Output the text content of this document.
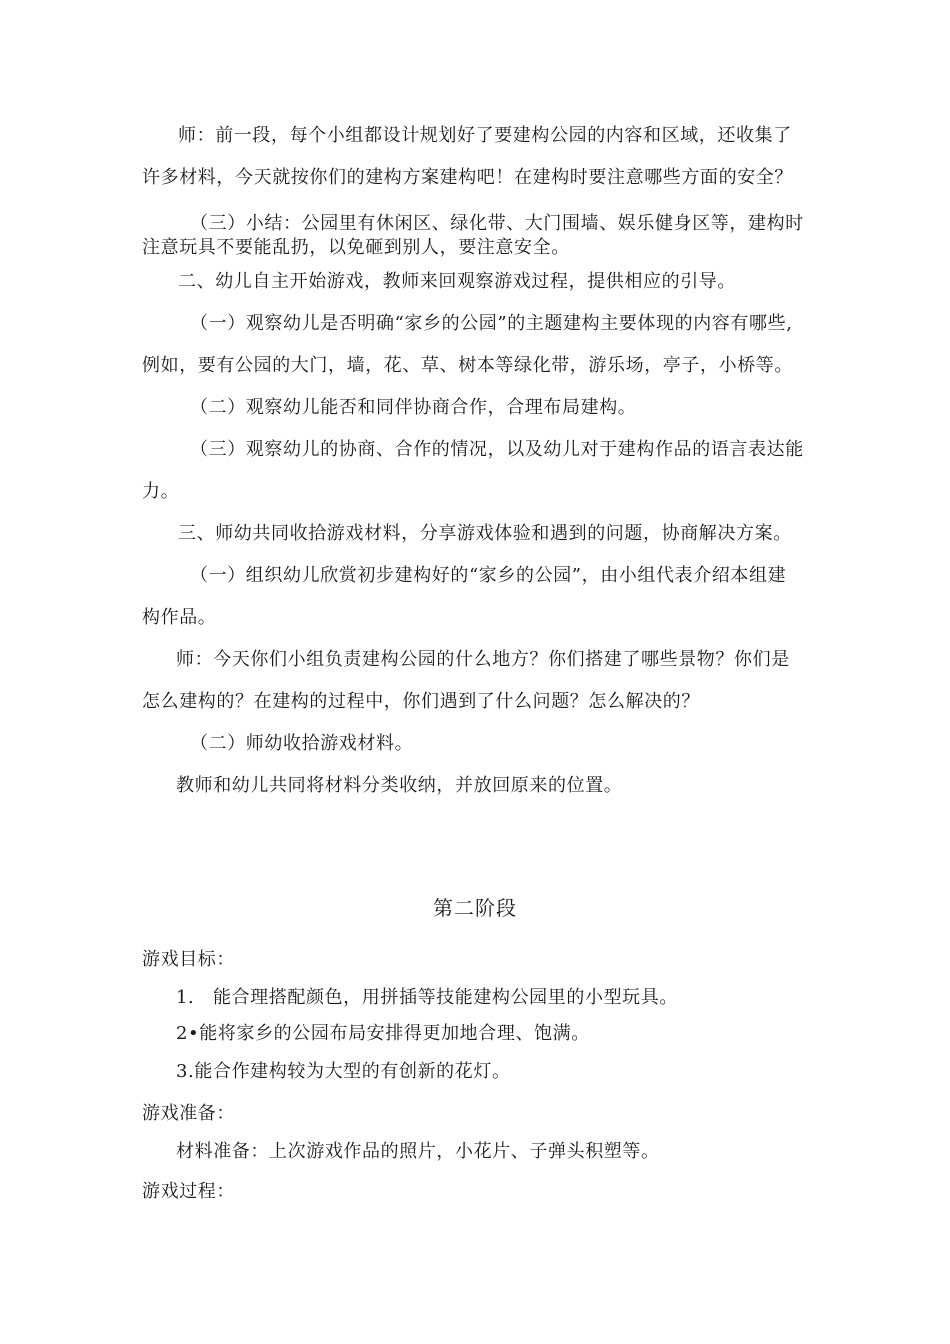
师：前一段，每个小组都设计规划好了要建构公园的内容和区域，还收集了
许多材料，今天就按你们的建构方案建构吧！在建构时要注意哪些方面的安全？
（三）小结：公园里有休闲区、绿化带、大门围墙、娱乐健身区等，建构时
注意玩具不要能乱扔，以免砸到别人，要注意安全。
二、幼儿自主开始游戏，教师来回观察游戏过程，提供相应的引导。
（一）观察幼儿是否明确“家乡的公园”的主题建构主要体现的内容有哪些,
例如，要有公园的大门，墙，花、草、树本等绿化带，游乐场，亭子，小桥等。
（二）观察幼儿能否和同伴协商合作，合理布局建构。
（三）观察幼儿的协商、合作的情况，以及幼儿对于建构作品的语言表达能
力。
三、师幼共同收拾游戏材料，分享游戏体验和遇到的问题，协商解决方案。
（一）组织幼儿欣赏初步建构好的“家乡的公园”，由小组代表介绍本组建
构作品。
师：今天你们小组负责建构公园的什么地方？你们搭建了哪些景物？你们是
怎么建构的？在建构的过程中，你们遇到了什么问题？怎么解决的？
（二）师幼收拾游戏材料。
教师和幼儿共同将材料分类收纳，并放回原来的位置。
第二阶段
游戏目标：
1.　能合理搭配颜色，用拼插等技能建构公园里的小型玩具。
2•能将家乡的公园布局安排得更加地合理、饱满。
3.能合作建构较为大型的有创新的花灯。
游戏准备：
材料准备：上次游戏作品的照片，小花片、子弹头积塑等。
游戏过程：
